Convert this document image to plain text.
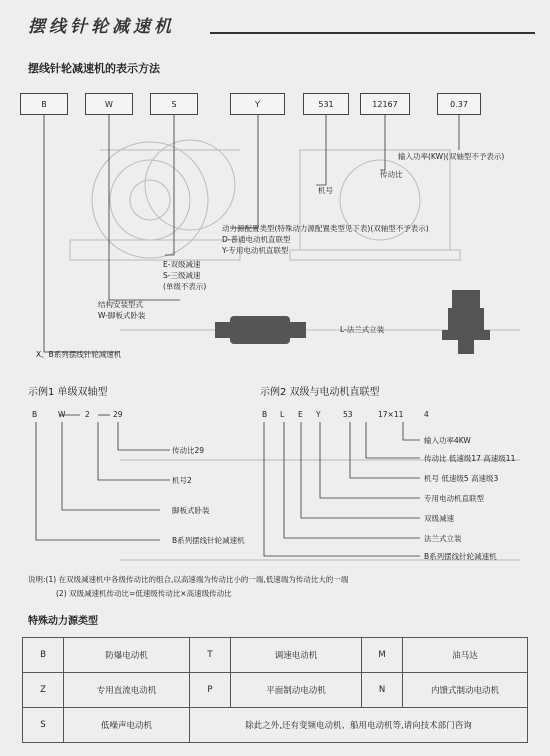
摆线针轮减速机
摆线针轮减速机的表示方法
B	W	S	Y	531	12167	0.37
输入功率(KW)(双轴型不予表示)
传动比
机号
动力源配置类型(特殊动力源配置类型见下表)(双轴型不予表示)
D-普通电动机直联型
Y-专用电动机直联型
E-双级减速
S-三级减速
(单级不表示)
结构安装型式
W-脚板式卧装
L-法兰式立装
X、B系列摆线针轮减速机
示例1 单级双轴型
B	W	2	29
传动比29
机号2
脚板式卧装
B系列摆线针轮减速机
示例2 双级与电动机直联型
B L E Y	53	17×11	4
输入功率4KW
传动比 低速级17 高速级11
机号 低速级5 高速级3
专用电动机直联型
双级减速
法兰式立装
B系列摆线针轮减速机
说明:(1) 在双级减速机中各级传动比的组合,以高速端为传动比小的一端,低速端为传动比大的一端
(2) 双级减速机传动比=低速级传动比×高速级传动比
特殊动力源类型
B	防爆电动机	T	调速电动机	M	油马达
Z	专用直流电动机	P	平面制动电动机	N	内馈式制动电动机
S	低噪声电动机	除此之外,还有变频电动机、船用电动机等,请向技术部门咨询			
